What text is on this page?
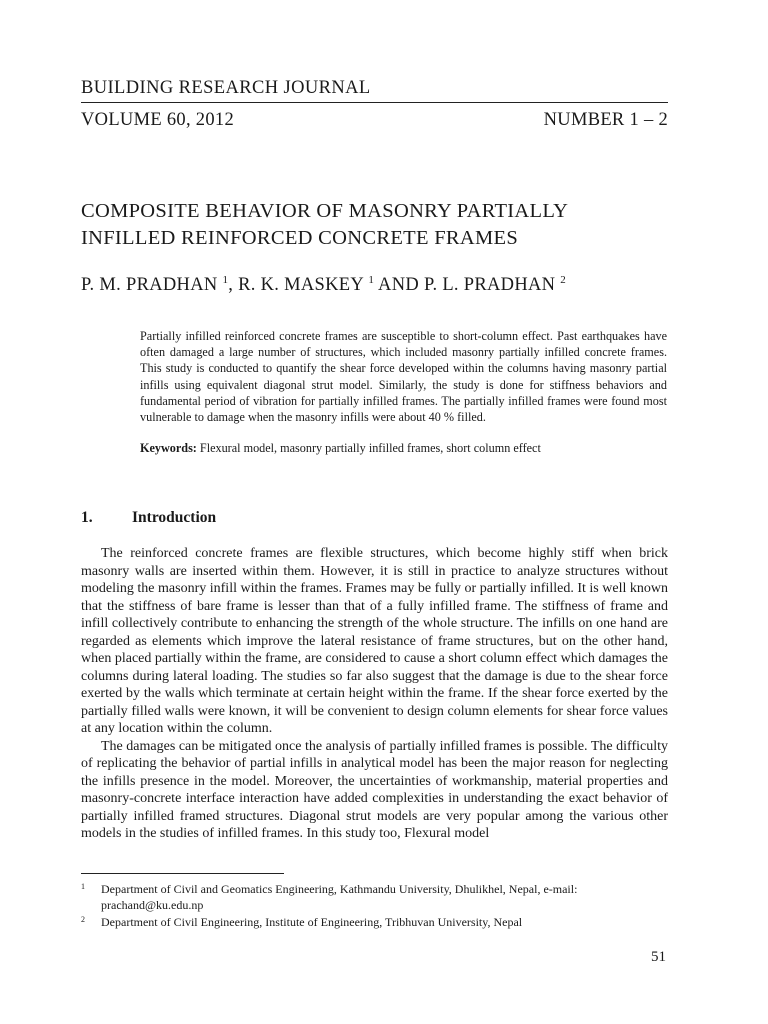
BUILDING RESEARCH JOURNAL
VOLUME 60, 2012	NUMBER 1 – 2
COMPOSITE BEHAVIOR OF MASONRY PARTIALLY
INFILLED REINFORCED CONCRETE FRAMES
P. M. PRADHAN $^1$, R. K. MASKEY $^1$ AND P. L. PRADHAN $^2$

Partially infilled reinforced concrete frames are susceptible to short-column effect. Past earthquakes have often damaged a large number of structures, which included masonry partially infilled concrete frames. This study is conducted to quantify the shear force developed within the columns having masonry partial infills using equivalent diagonal strut model. Similarly, the study is done for stiffness behaviors and fundamental period of vibration for partially infilled frames. The partially infilled frames were found most vulnerable to damage when the masonry infills were about 40 % filled.

Keywords: Flexural model, masonry partially infilled frames, short column effect
1.	Introduction

The reinforced concrete frames are flexible structures, which become highly stiff when brick masonry walls are inserted within them. However, it is still in practice to analyze structures without modeling the masonry infill within the frames. Frames may be fully or partially infilled. It is well known that the stiffness of bare frame is lesser than that of a fully infilled frame. The stiffness of frame and infill collectively contribute to enhancing the strength of the whole structure. The infills on one hand are regarded as elements which improve the lateral resistance of frame structures, but on the other hand, when placed partially within the frame, are considered to cause a short column effect which damages the columns during lateral loading. The studies so far also suggest that the damage is due to the shear force exerted by the walls which terminate at certain height within the frame. If the shear force exerted by the partially filled walls were known, it will be convenient to design column elements for shear force values at any location within the column.

The damages can be mitigated once the analysis of partially infilled frames is possible. The difficulty of replicating the behavior of partial infills in analytical model has been the major reason for neglecting the infills presence in the model. Moreover, the uncertainties of workmanship, material properties and masonry-concrete interface interaction have added complexities in understanding the exact behavior of partially infilled framed structures. Diagonal strut models are very popular among the various other models in the studies of infilled frames. In this study too, Flexural model

1 Department of Civil and Geomatics Engineering, Kathmandu University, Dhulikhel, Nepal, e-mail: prachand@ku.edu.np
2 Department of Civil Engineering, Institute of Engineering, Tribhuvan University, Nepal
51
